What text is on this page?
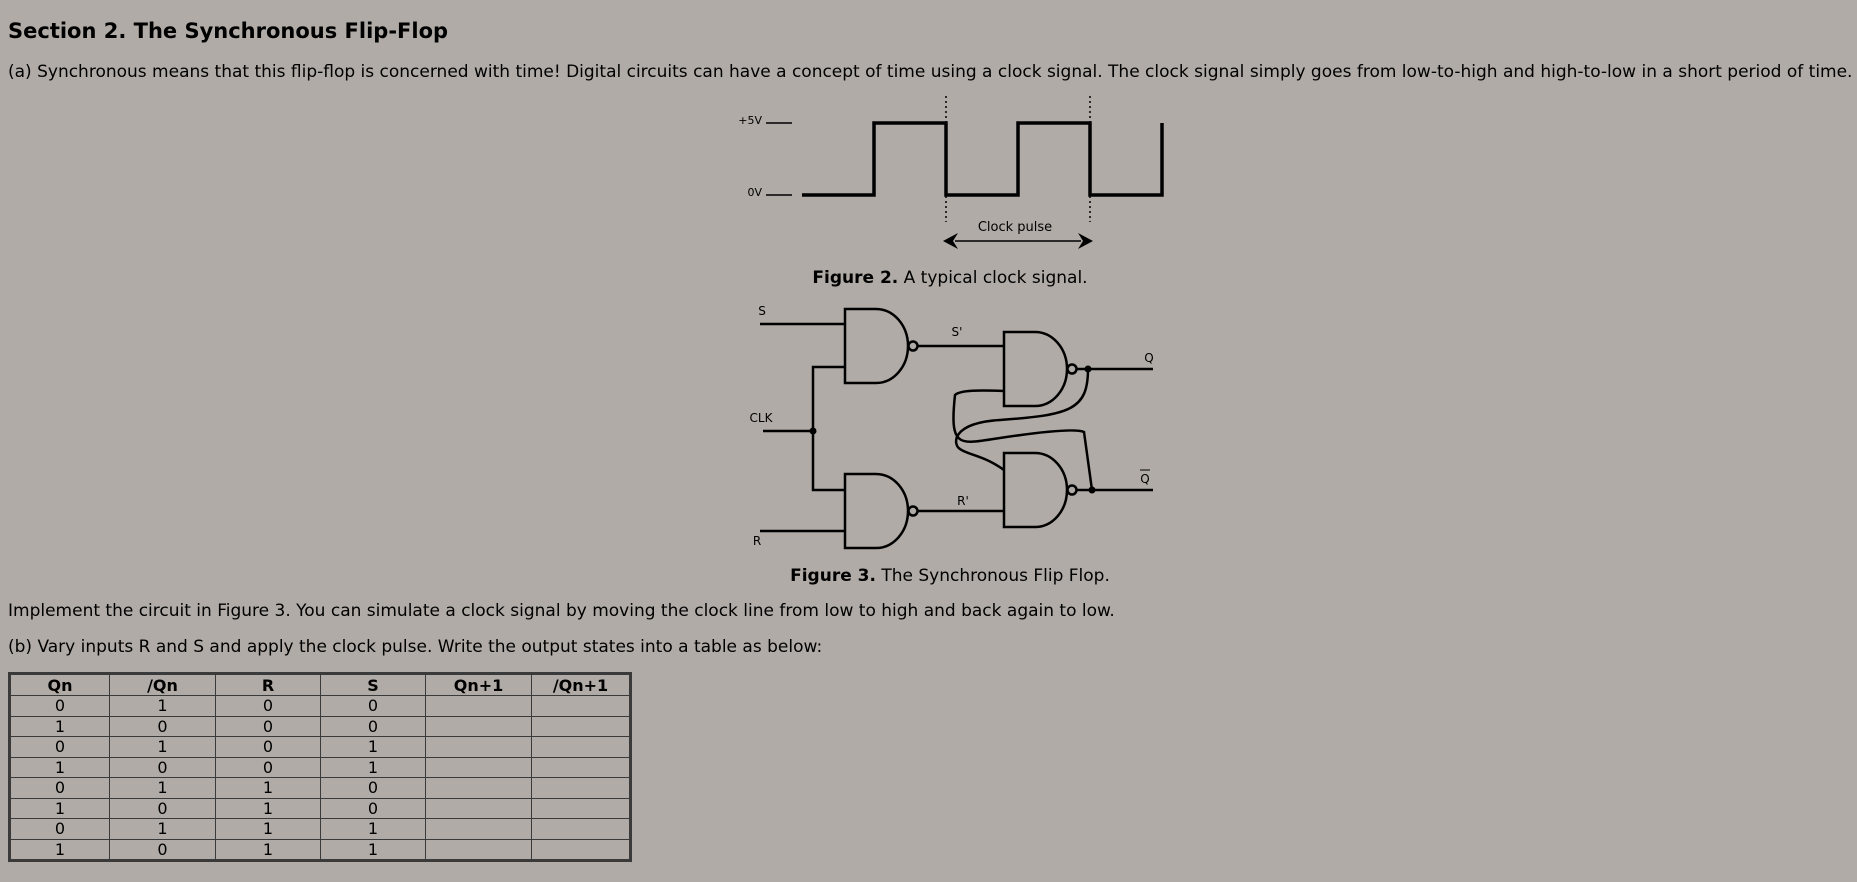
Section 2. The Synchronous Flip-Flop
(a) Synchronous means that this flip-flop is concerned with time! Digital circuits can have a concept of time using a clock signal. The clock signal simply goes from low-to-high and high-to-low in a short period of time.
+5V
0V
Clock pulse
S
CLK
R
S'
R'
Q
Q
Figure 2. A typical clock signal.
Figure 3. The Synchronous Flip Flop.
Implement the circuit in Figure 3. You can simulate a clock signal by moving the clock line from low to high and back again to low.
(b) Vary inputs R and S and apply the clock pulse. Write the output states into a table as below:
Qn	/Qn	R	S	Qn+1	/Qn+1
0	1	0	0		
1	0	0	0		
0	1	0	1		
1	0	0	1		
0	1	1	0		
1	0	1	0		
0	1	1	1		
1	0	1	1		
